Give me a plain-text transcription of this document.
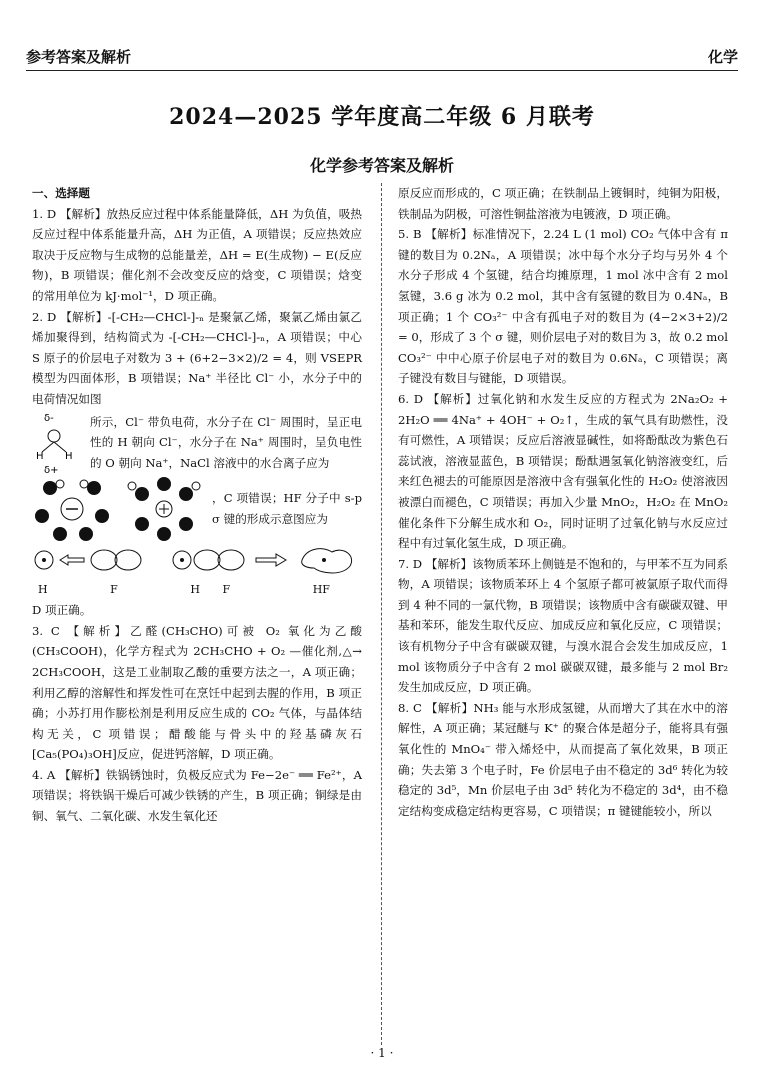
参考答案及解析	化学
2024—2025 学年度高二年级 6 月联考
化学参考答案及解析

一、选择题

1. D 【解析】放热反应过程中体系能量降低，ΔH 为负值，吸热反应过程中体系能量升高，ΔH 为正值，A 项错误；反应热效应取决于反应物与生成物的总能量差，ΔH = E(生成物) − E(反应物)，B 项错误；催化剂不会改变反应的焓变，C 项错误；焓变的常用单位为 kJ·mol⁻¹，D 项正确。

2. D 【解析】-[-CH₂—CHCl-]-ₙ 是聚氯乙烯，聚氯乙烯由氯乙烯加聚得到，结构简式为 -[-CH₂—CHCl-]-ₙ，A 项错误；中心 S 原子的价层电子对数为 3 + (6+2−3×2)/2 = 4，则 VSEPR 模型为四面体形，B 项错误；Na⁺ 半径比 Cl⁻ 小，水分子中的电荷情况如图

δ-
H H
δ+
所示，Cl⁻ 带负电荷，水分子在 Cl⁻ 周围时，呈正电性的 H 朝向 Cl⁻，水分子在 Na⁺ 周围时，呈负电性的 O 朝向 Na⁺，NaCl 溶液中的水合离子应为
，C 项错误；HF 分子中 s-p σ 键的形成示意图应为
H	F	H F	HF

D 项正确。

3. C 【解析】乙醛(CH₃CHO)可被 O₂ 氧化为乙酸(CH₃COOH)，化学方程式为 2CH₃CHO + O₂ —催化剂,△→ 2CH₃COOH，这是工业制取乙酸的重要方法之一，A 项正确；利用乙醇的溶解性和挥发性可在烹饪中起到去腥的作用，B 项正确；小苏打用作膨松剂是利用反应生成的 CO₂ 气体，与晶体结构无关，C 项错误；醋酸能与骨头中的羟基磷灰石[Ca₅(PO₄)₃OH]反应，促进钙溶解，D 项正确。

4. A 【解析】铁锅锈蚀时，负极反应式为 Fe−2e⁻ ══ Fe²⁺，A 项错误；将铁锅干燥后可减少铁锈的产生，B 项正确；铜绿是由铜、氧气、二氧化碳、水发生氧化还

原反应而形成的，C 项正确；在铁制品上镀铜时，纯铜为阳极，铁制品为阴极，可溶性铜盐溶液为电镀液，D 项正确。

5. B 【解析】标准情况下，2.24 L (1 mol) CO₂ 气体中含有 π 键的数目为 0.2Nₐ，A 项错误；冰中每个水分子均与另外 4 个水分子形成 4 个氢键，结合均摊原理，1 mol 冰中含有 2 mol 氢键，3.6 g 冰为 0.2 mol，其中含有氢键的数目为 0.4Nₐ，B 项正确；1 个 CO₃²⁻ 中含有孤电子对的数目为 (4−2×3+2)/2 = 0，形成了 3 个 σ 键，则价层电子对的数目为 3，故 0.2 mol CO₃²⁻ 中中心原子价层电子对的数目为 0.6Nₐ，C 项错误；离子键没有数目与键能，D 项错误。

6. D 【解析】过氧化钠和水发生反应的方程式为 2Na₂O₂ + 2H₂O ══ 4Na⁺ + 4OH⁻ + O₂↑，生成的氧气具有助燃性，没有可燃性，A 项错误；反应后溶液显碱性，如将酚酞改为紫色石蕊试液，溶液显蓝色，B 项错误；酚酞遇氢氧化钠溶液变红，后来红色褪去的可能原因是溶液中含有强氧化性的 H₂O₂ 使溶液因被漂白而褪色，C 项错误；再加入少量 MnO₂，H₂O₂ 在 MnO₂ 催化条件下分解生成水和 O₂，同时证明了过氧化钠与水反应过程中有过氧化氢生成，D 项正确。

7. D 【解析】该物质苯环上侧链是不饱和的，与甲苯不互为同系物，A 项错误；该物质苯环上 4 个氢原子都可被氯原子取代而得到 4 种不同的一氯代物，B 项错误；该物质中含有碳碳双键、甲基和苯环，能发生取代反应、加成反应和氧化反应，C 项错误；该有机物分子中含有碳碳双键，与溴水混合会发生加成反应，1 mol 该物质分子中含有 2 mol 碳碳双键，最多能与 2 mol Br₂ 发生加成反应，D 项正确。

8. C 【解析】NH₃ 能与水形成氢键，从而增大了其在水中的溶解性，A 项正确；某冠醚与 K⁺ 的聚合体是超分子，能将具有强氧化性的 MnO₄⁻ 带入烯烃中，从而提高了氧化效果，B 项正确；失去第 3 个电子时，Fe 价层电子由不稳定的 3d⁶ 转化为较稳定的 3d⁵，Mn 价层电子由 3d⁵ 转化为不稳定的 3d⁴，由不稳定结构变成稳定结构更容易，C 项错误；π 键键能较小，所以

· 1 ·
